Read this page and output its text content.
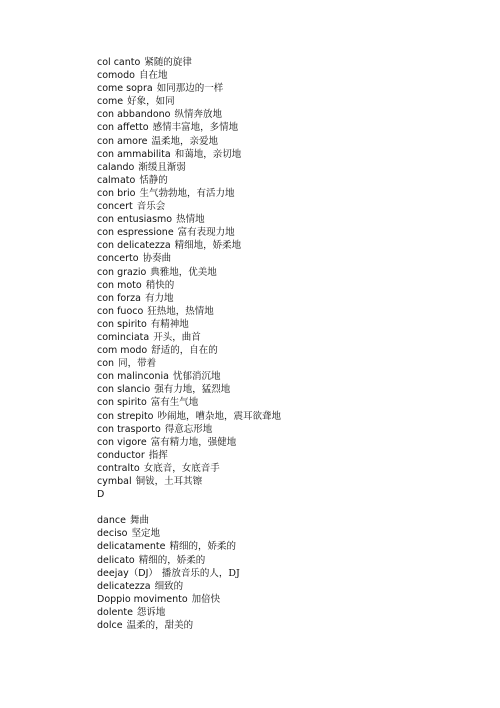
col canto 紧随的旋律
comodo 自在地
come sopra 如同那边的一样
come 好象，如同
con abbandono 纵情奔放地
con affetto 感情丰富地，多情地
con amore 温柔地，亲爱地
con ammabilita 和蔼地，亲切地
calando 渐缓且渐弱
calmato 恬静的
con brio 生气勃勃地，有活力地
concert 音乐会
con entusiasmo 热情地
con espressione 富有表现力地
con delicatezza 精细地，娇柔地
concerto 协奏曲
con grazio 典雅地，优美地
con moto 稍快的
con forza 有力地
con fuoco 狂热地，热情地
con spirito 有精神地
cominciata 开头，曲首
com modo 舒适的，自在的
con 同，带着
con malinconia 忧郁消沉地
con slancio 强有力地，猛烈地
con spirito 富有生气地
con strepito 吵闹地，嘈杂地，震耳欲聋地
con trasporto 得意忘形地
con vigore 富有精力地，强健地
conductor 指挥
contralto 女底音，女底音手
cymbal 铜钹，土耳其镲
D
dance 舞曲
deciso 坚定地
delicatamente 精细的，娇柔的
delicato 精细的，娇柔的
deejay（DJ） 播放音乐的人，DJ
delicatezza 细致的
Doppio movimento 加倍快
dolente 怨诉地
dolce 温柔的，甜美的
